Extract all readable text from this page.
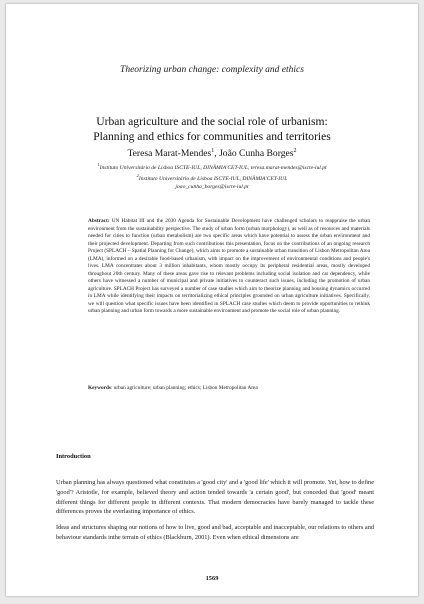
Theorizing urban change: complexity and ethics
Urban agriculture and the social role of urbanism:
Planning and ethics for communities and territories
Teresa Marat-Mendes$^1$, João Cunha Borges$^2$
$^1$Instituto Universitário de Lisboa ISCTE-IUL, DINÂMIA'CET-IUL, teresa.marat-mendes@iscte-iul.pt
$^2$Instituto Universitário de Lisboa ISCTE-IUL, DINÂMIA'CET-IUL
joao_cunha_borges@iscte-iul.pt
Abstract: UN Habitat III and the 2030 Agenda for Sustainable Development have challenged scholars to reappraise the urban environment from the sustainability perspective. The study of urban form (urban morphology), as well as of resources and materials needed for cities to function (urban metabolism) are two specific areas which have potential to assess the urban environment and their projected development. Departing from such contributions this presentation, focus on the contributions of an ongoing research Project (SPLACH – Spatial Planning for Change), which aims to promote a sustainable urban transition of Lisbon Metropolitan Area (LMA), informed on a desirable food-based urbanism, with impact on the improvement of environmental conditions and people's lives. LMA concentrates about 3 million inhabitants, whom mostly occupy its peripheral residential areas, mostly developed throughout 20th century. Many of these areas gave rise to relevant problems including social isolation and car dependency, while others have witnessed a number of municipal and private initiatives to counteract such issues, including the promotion of urban agriculture. SPLACH Project has surveyed a number of case studies which aim to theorize planning and housing dynamics occurred in LMA while identifying their impacts on territorializing ethical principles grounded on urban agriculture initiatives. Specifically, we will question what specific issues have been identified in SPLACH case studies which deem to provide opportunities to rethink urban planning and urban form towards a more sustainable environment and promote the social role of urban planning.
Keywords: urban agriculture; urban planning; ethics; Lisbon Metropolitan Area
Introduction

Urban planning has always questioned what constitutes a 'good city' and a 'good life' which it will promote. Yet, how to define 'good'? Aristotle, for example, believed theory and action tended towards 'a certain good', but conceded that 'good' meant different things for different people in different contexts. That modern democracies have barely managed to tackle these differences proves the everlasting importance of ethics.

Ideas and structures shaping our notions of how to live, good and bad, acceptable and inacceptable, our relations to others and behaviour standards inthe terrain of ethics (Blackburn, 2001). Even when ethical dimensions are

1569
